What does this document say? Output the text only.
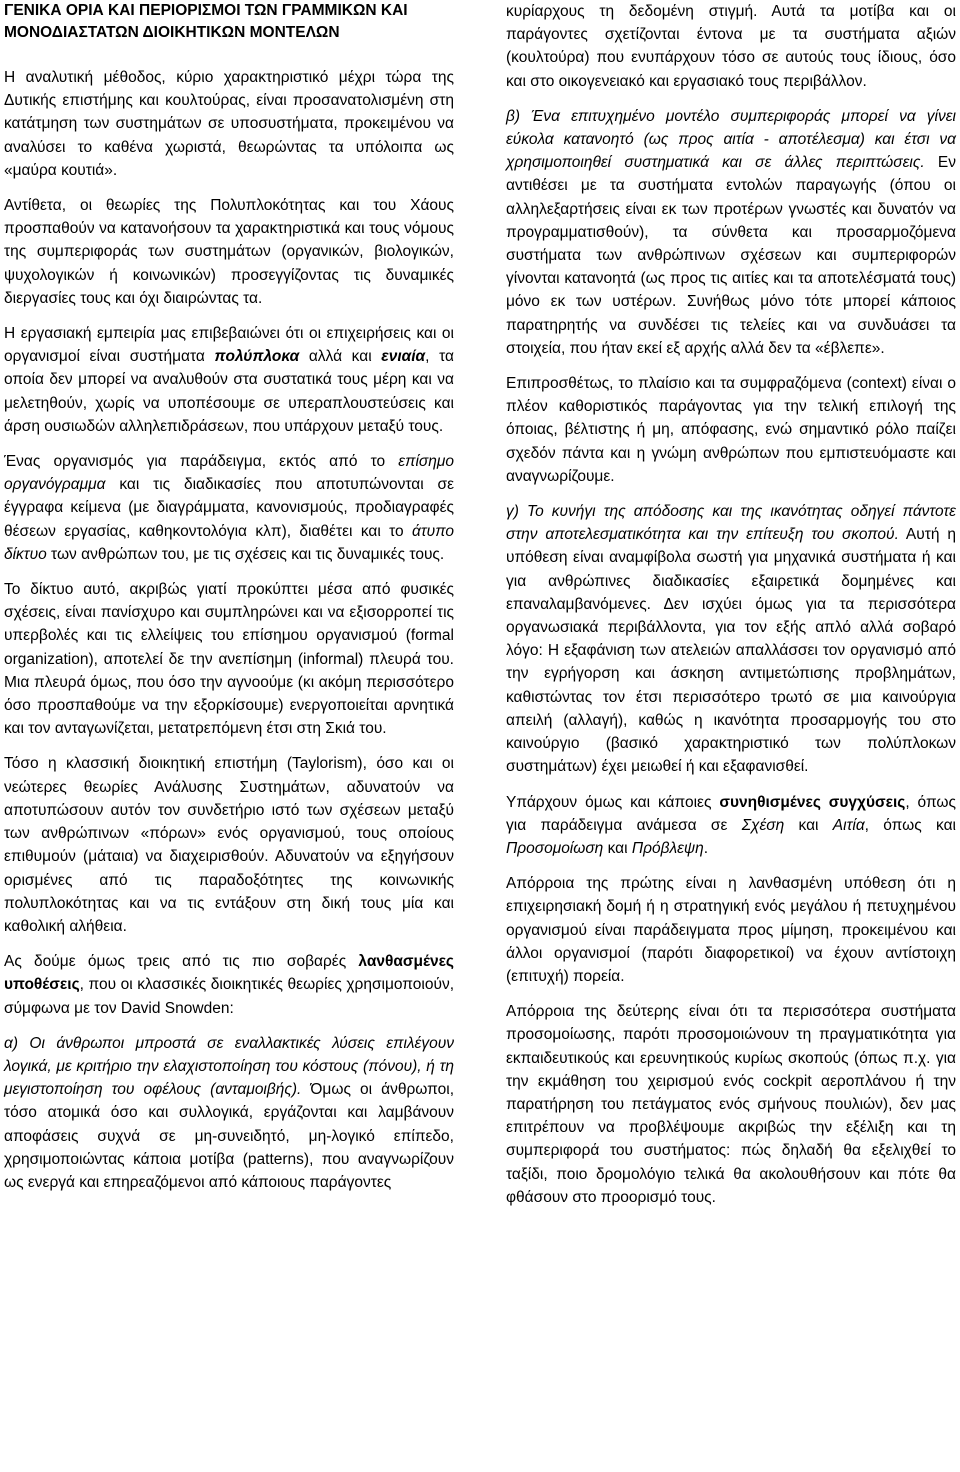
ΓΕΝΙΚΑ ΟΡΙΑ ΚΑΙ ΠΕΡΙΟΡΙΣΜΟΙ ΤΩΝ ΓΡΑΜΜΙΚΩΝ ΚΑΙ ΜΟΝΟΔΙΑΣΤΑΤΩΝ ΔΙΟΙΚΗΤΙΚΩΝ ΜΟΝΤΕΛΩΝ

Η αναλυτική μέθοδος, κύριο χαρακτηριστικό μέχρι τώρα της Δυτικής επιστήμης και κουλτούρας, είναι προσανατολισμένη στη κατάτμηση των συστημάτων σε υποσυστήματα, προκειμένου να αναλύσει το καθένα χωριστά, θεωρώντας τα υπόλοιπα ως «μαύρα κουτιά».

Αντίθετα, οι θεωρίες της Πολυπλοκότητας και του Χάους προσπαθούν να κατανοήσουν τα χαρακτηριστικά και τους νόμους της συμπεριφοράς των συστημάτων (οργανικών, βιολογικών, ψυχολογικών ή κοινωνικών) προσεγγίζοντας τις δυναμικές διεργασίες τους και όχι διαιρώντας τα.

Η εργασιακή εμπειρία μας επιβεβαιώνει ότι οι επιχειρήσεις και οι οργανισμοί είναι συστήματα πολύπλοκα αλλά και ενιαία, τα οποία δεν μπορεί να αναλυθούν στα συστατικά τους μέρη και να μελετηθούν, χωρίς να υποπέσουμε σε υπεραπλουστεύσεις και άρση ουσιωδών αλληλεπιδράσεων, που υπάρχουν μεταξύ τους.

Ένας οργανισμός για παράδειγμα, εκτός από το επίσημο οργανόγραμμα και τις διαδικασίες που αποτυπώνονται σε έγγραφα κείμενα (με διαγράμματα, κανονισμούς, προδιαγραφές θέσεων εργασίας, καθηκοντολόγια κλπ), διαθέτει και το άτυπο δίκτυο των ανθρώπων του, με τις σχέσεις και τις δυναμικές τους.

Το δίκτυο αυτό, ακριβώς γιατί προκύπτει μέσα από φυσικές σχέσεις, είναι πανίσχυρο και συμπληρώνει και να εξισορροπεί τις υπερβολές και τις ελλείψεις του επίσημου οργανισμού (formal organization), αποτελεί δε την ανεπίσημη (informal) πλευρά του. Μια πλευρά όμως, που όσο την αγνοούμε (κι ακόμη περισσότερο όσο προσπαθούμε να την εξορκίσουμε) ενεργοποιείται αρνητικά και τον ανταγωνίζεται, μετατρεπόμενη έτσι στη Σκιά του.

Τόσο η κλασσική διοικητική επιστήμη (Taylorism), όσο και οι νεώτερες θεωρίες Ανάλυσης Συστημάτων, αδυνατούν να αποτυπώσουν αυτόν τον συνδετήριο ιστό των σχέσεων μεταξύ των ανθρώπινων «πόρων» ενός οργανισμού, τους οποίους επιθυμούν (μάταια) να διαχειρισθούν. Αδυνατούν να εξηγήσουν ορισμένες από τις παραδοξότητες της κοινωνικής πολυπλοκότητας και να τις εντάξουν στη δική τους μία και καθολική αλήθεια.

Ας δούμε όμως τρεις από τις πιο σοβαρές λανθασμένες υποθέσεις, που οι κλασσικές διοικητικές θεωρίες χρησιμοποιούν, σύμφωνα με τον David Snowden:

α) Οι άνθρωποι μπροστά σε εναλλακτικές λύσεις επιλέγουν λογικά, με κριτήριο την ελαχιστοποίηση του κόστους (πόνου), ή τη μεγιστοποίηση του οφέλους (ανταμοιβής). Όμως οι άνθρωποι, τόσο ατομικά όσο και συλλογικά, εργάζονται και λαμβάνουν αποφάσεις συχνά σε μη-συνειδητό, μη-λογικό επίπεδο, χρησιμοποιώντας κάποια μοτίβα (patterns), που αναγνωρίζουν ως ενεργά και επηρεαζόμενοι από κάποιους παράγοντες

κυρίαρχους τη δεδομένη στιγμή. Αυτά τα μοτίβα και οι παράγοντες σχετίζονται έντονα με τα συστήματα αξιών (κουλτούρα) που ενυπάρχουν τόσο σε αυτούς τους ίδιους, όσο και στο οικογενειακό και εργασιακό τους περιβάλλον.

β) Ένα επιτυχημένο μοντέλο συμπεριφοράς μπορεί να γίνει εύκολα κατανοητό (ως προς αιτία - αποτέλεσμα) και έτσι να χρησιμοποιηθεί συστηματικά και σε άλλες περιπτώσεις. Εν αντιθέσει με τα συστήματα εντολών παραγωγής (όπου οι αλληλεξαρτήσεις είναι εκ των προτέρων γνωστές και δυνατόν να προγραμματισθούν), τα σύνθετα και προσαρμοζόμενα συστήματα των ανθρώπινων σχέσεων και συμπεριφορών γίνονται κατανοητά (ως προς τις αιτίες και τα αποτελέσματά τους) μόνο εκ των υστέρων. Συνήθως μόνο τότε μπορεί κάποιος παρατηρητής να συνδέσει τις τελείες και να συνδυάσει τα στοιχεία, που ήταν εκεί εξ αρχής αλλά δεν τα «έβλεπε».

Επιπροσθέτως, το πλαίσιο και τα συμφραζόμενα (context) είναι ο πλέον καθοριστικός παράγοντας για την τελική επιλογή της όποιας, βέλτιστης ή μη, απόφασης, ενώ σημαντικό ρόλο παίζει σχεδόν πάντα και η γνώμη ανθρώπων που εμπιστευόμαστε και αναγνωρίζουμε.

γ) Το κυνήγι της απόδοσης και της ικανότητας οδηγεί πάντοτε στην αποτελεσματικότητα και την επίτευξη του σκοπού. Αυτή η υπόθεση είναι αναμφίβολα σωστή για μηχανικά συστήματα ή και για ανθρώπινες διαδικασίες εξαιρετικά δομημένες και επαναλαμβανόμενες. Δεν ισχύει όμως για τα περισσότερα οργανωσιακά περιβάλλοντα, για τον εξής απλό αλλά σοβαρό λόγο: Η εξαφάνιση των ατελειών απαλλάσσει τον οργανισμό από την εγρήγορση και άσκηση αντιμετώπισης προβλημάτων, καθιστώντας τον έτσι περισσότερο τρωτό σε μια καινούργια απειλή (αλλαγή), καθώς η ικανότητα προσαρμογής του στο καινούργιο (βασικό χαρακτηριστικό των πολύπλοκων συστημάτων) έχει μειωθεί ή και εξαφανισθεί.

Υπάρχουν όμως και κάποιες συνηθισμένες συγχύσεις, όπως για παράδειγμα ανάμεσα σε Σχέση και Αιτία, όπως και Προσομοίωση και Πρόβλεψη.

Απόρροια της πρώτης είναι η λανθασμένη υπόθεση ότι η επιχειρησιακή δομή ή η στρατηγική ενός μεγάλου ή πετυχημένου οργανισμού είναι παράδειγματα προς μίμηση, προκειμένου και άλλοι οργανισμοί (παρότι διαφορετικοί) να έχουν αντίστοιχη (επιτυχή) πορεία.

Απόρροια της δεύτερης είναι ότι τα περισσότερα συστήματα προσομοίωσης, παρότι προσομοιώνουν τη πραγματικότητα για εκπαιδευτικούς και ερευνητικούς κυρίως σκοπούς (όπως π.χ. για την εκμάθηση του χειρισμού ενός cockpit αεροπλάνου ή την παρατήρηση του πετάγματος ενός σμήνους πουλιών), δεν μας επιτρέπουν να προβλέψουμε ακριβώς την εξέλιξη και τη συμπεριφορά του συστήματος: πώς δηλαδή θα εξελιχθεί το ταξίδι, ποιο δρομολόγιο τελικά θα ακολουθήσουν και πότε θα φθάσουν στο προορισμό τους.
